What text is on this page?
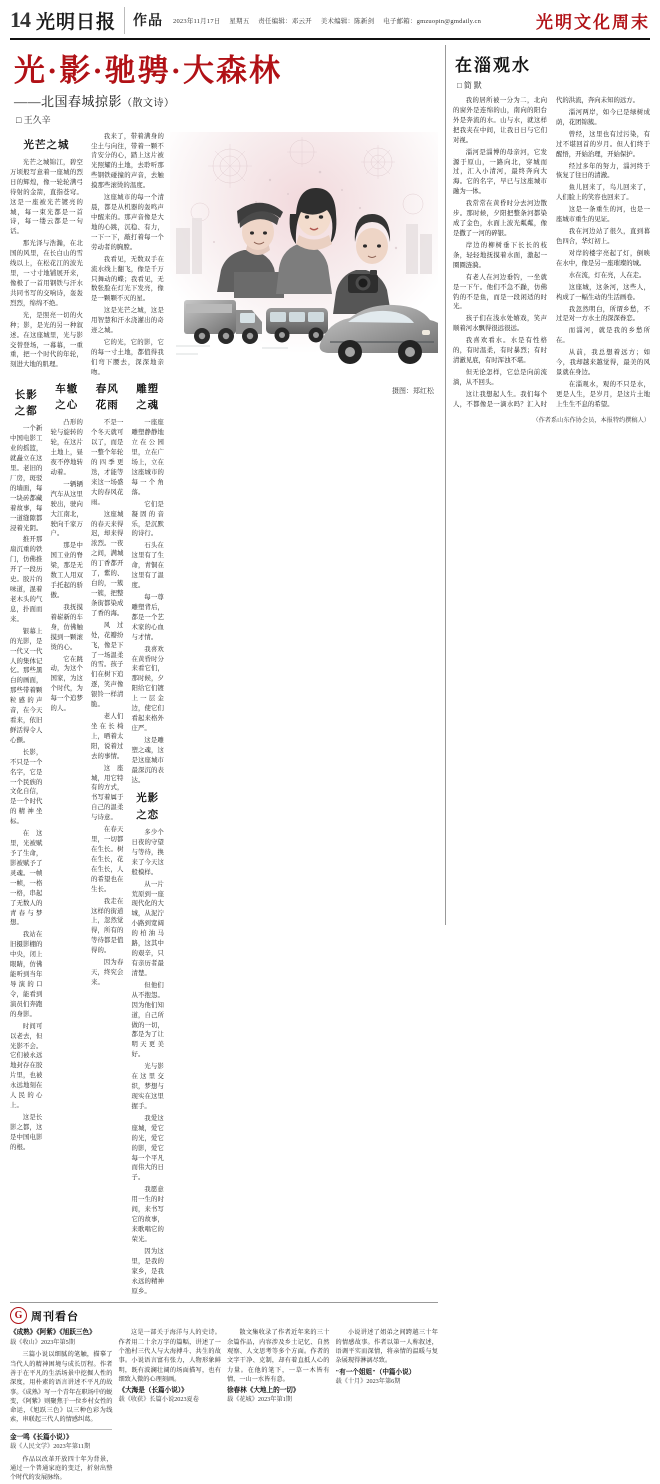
14 光明日报	作品 2023年11月17日 星期五 责任编辑：邓云开 美术编辑：陈新剑 电子邮箱：gmzuopin@gmdaily.cn	光明文化周末
光·影·驰骋·大森林
——北国春城掠影（散文诗）
□ 王久辛
摄图：郑红松
光芒之城

光芒之城锦江，碧空万顷般写意着一座城的烈日的辉煌，像一轮轮满弓待射的金箭，直指苍穹。这是一座被光芒镀亮的城，每一束光都是一首诗，每一缕云都是一句话。

那光泽与浩瀚，在北国的风里，在长白山的雪线以上，在松花江的波光里，一寸寸地铺展开来，像极了一首用钢铁与汗水共同书写的交响诗，轰轰烈烈，绵绵不绝。

光，是照亮一切的火种；影，是光的另一种叙述。在这座城里，光与影交替登场，一幕幕，一重重，把一个时代的年轮，刻进大地的肌理。

我来了，带着满身的尘土与向往，带着一颗不肯安分的心，踏上这片被光照耀的土地，去聆听那些钢铁碰撞的声音，去触摸那些滚烫的温度。

这座城市的每一个清晨，都是从机器的轰鸣声中醒来的。那声音像是大地的心跳，沉稳、有力，一下一下，敲打着每一个劳动者的胸膛。

我看见，无数双手在流水线上翻飞，像是千万只舞动的蝶；我看见，无数张脸在灯光下发亮，像是一颗颗不灭的星。

这是光芒之城，这是用智慧和汗水浇灌出的奇迹之城。

它的光，它的影，它的每一寸土地，都值得我们弯下腰去，深深地亲吻。

长影之都

一个新中国电影工业的摇篮，就矗立在这里。老旧的厂房，斑驳的墙面，每一块砖都藏着故事，每一道缝隙都浸着光阴。

推开那扇沉重的铁门，仿佛推开了一段历史。胶片的味道，混着老木头的气息，扑面而来。

银幕上的光影，是一代又一代人的集体记忆。那些黑白的画面，那些带着颗粒感的声音，在今天看来，依旧鲜活得令人心颤。

长影，不只是一个名字，它是一个民族的文化自信，是一个时代的精神坐标。

在这里，光被赋予了生命，影被赋予了灵魂。一帧一帧，一格一格，串起了无数人的青春与梦想。

我站在旧摄影棚的中央，闭上眼睛，仿佛能听到当年导演的口令，能看到演员们奔跑的身影。

时间可以老去，但光影不会。它们被永远地封存在胶片里，也被永远地刻在人民的心上。

这是长影之都，这是中国电影的根。

车辙之心

凸形的轮与旋转的轮，在这片土地上，昼夜不停地转动着。

一辆辆汽车从这里驶出，驶向大江南北，驶向千家万户。

那是中国工业的脊梁，那是无数工人用双手托起的骄傲。

我抚摸着崭新的车身，仿佛触摸到一颗滚烫的心。

它在跳动，为这个国家，为这个时代，为每一个追梦的人。

春风花雨

不是一个冬天就可以了，而是一整个年轮的四季更迭，才能等来这一场盛大的春风花雨。

这座城的春天来得迟，却来得浓烈。一夜之间，满城的丁香都开了，紫的、白的，一簇一簇，把整条街都染成了香的海。

风过处，花瓣纷飞，像是下了一场温柔的雪。孩子们在树下追逐，笑声像银铃一样清脆。

老人们坐在长椅上，晒着太阳，说着过去的事情。

这座城，用它特有的方式，书写着属于自己的温柔与诗意。

在春天里，一切都在生长。树在生长，花在生长，人的希望也在生长。

我走在这样的街道上，忽然觉得，所有的等待都是值得的。

因为春天，终究会来。

雕塑之魂

一座座雕塑静静地立在公园里，立在广场上，立在这座城市的每一个角落。

它们是凝固的音乐，是沉默的诗行。

石头在这里有了生命，青铜在这里有了温度。

每一尊雕塑背后，都是一个艺术家的心血与才情。

我喜欢在黄昏时分来看它们，那时候，夕阳给它们镀上一层金边，使它们看起来格外庄严。

这是雕塑之魂，这是这座城市最深沉的表达。

光影之恋

多少个日夜的守望与等待，换来了今天这般模样。

从一片荒原到一座现代化的大城，从泥泞小路到宽阔的柏油马路，这其中的艰辛，只有亲历者最清楚。

但他们从不抱怨。因为他们知道，自己所做的一切，都是为了让明天更美好。

光与影在这里交织，梦想与现实在这里握手。

我爱这座城，爱它的光，爱它的影，爱它每一个平凡而伟大的日子。

我愿意用一生的时间，来书写它的故事，来歌唱它的荣光。

因为这里，是我的家乡，是我永远的精神原乡。

G 周刊看台
《成熟》《阿紫》《旭跃三色》
载《收山》2023年第5期

三篇小说以细腻的笔触，描摹了当代人的精神困境与成长历程。作者善于在平凡的生活场景中挖掘人性的深度，用朴素的语言讲述不平凡的故事。《成熟》写一个青年在职场中的蜕变，《阿紫》则聚焦于一位乡村女性的命运，《旭跃三色》以三种色彩为线索，串联起三代人的情感纠葛。

金一鸣《长篇小说）》
载《人民文学》2023年第11期

作品以改革开放四十年为背景，通过一个普通家庭的变迁，折射出整个时代的发展脉络。

这是一部关于海洋与人的史诗。作者用二十余万字的篇幅，讲述了一个渔村三代人与大海搏斗、共生的故事。小说语言富有张力，人物形象鲜明，既有波澜壮阔的场面描写，也有细致入微的心理刻画。

《大海是（长篇小说）》
载《收获》长篇小说2023夏卷

散文集收录了作者近年来的三十余篇作品，内容涉及乡土记忆、自然观察、人文思考等多个方面。作者的文字干净、克制，却有着直抵人心的力量。在他的笔下，一草一木皆有情，一山一水皆有意。

徐春林《大地上的一切》
载《花城》2023年第1期

小说讲述了姐弟之间跨越三十年的情感故事。作者以第一人称叙述，语调平实而深情，将亲情的温暖与复杂展现得淋漓尽致。

"有一个姐姐"（中篇小说）
载《十月》2023年第6期
在淄观水
□ 简 默

我的居所被一分为二，北向的窗外是连绵的山，南向的阳台外是奔流的水。山与水，就这样把我夹在中间，让我日日与它们对视。

淄河是淄博的母亲河，它发源于原山，一路向北，穿城而过，汇入小清河，最终奔向大海。它的名字，早已与这座城市融为一体。

我常常在黄昏时分去河边散步。那时候，夕阳把整条河都染成了金色，水面上波光粼粼，像是撒了一河的碎银。

岸边的柳树垂下长长的枝条，轻轻地抚摸着水面，激起一圈圈涟漪。

有老人在河边垂钓，一坐就是一下午。他们不急不躁，仿佛钓的不是鱼，而是一段闲适的时光。

孩子们在浅水处嬉戏，笑声顺着河水飘得很远很远。

我喜欢看水。水是有性格的，有时温柔，有时暴烈；有时清澈见底，有时浑浊不堪。

但无论怎样，它总是向前流淌，从不回头。

这让我想起人生。我们每个人，不都像是一滴水吗？汇入时代的洪流，奔向未知的远方。

淄河两岸，如今已是绿树成荫，花团锦簇。

曾经，这里也有过污染，有过不堪回首的岁月。但人们终于醒悟，开始治理，开始保护。

经过多年的努力，淄河终于恢复了往日的清澈。

鱼儿回来了，鸟儿回来了，人们脸上的笑容也回来了。

这是一条重生的河，也是一座城市重生的见证。

我在河边站了很久，直到暮色四合，华灯初上。

对岸的楼宇亮起了灯，倒映在水中，像是另一座璀璨的城。

水在流，灯在亮，人在走。

这座城，这条河，这些人，构成了一幅生动的生活画卷。

我忽然明白，所谓乡愁，不过是对一方水土的深深眷恋。

而淄河，就是我的乡愁所在。

从前，我总想着远方；如今，我却越来越觉得，最美的风景就在身边。

在淄观水，观的不只是水，更是人生，是岁月，是这片土地上生生不息的希望。

（作者系山东作协会员，本报特约撰稿人）
